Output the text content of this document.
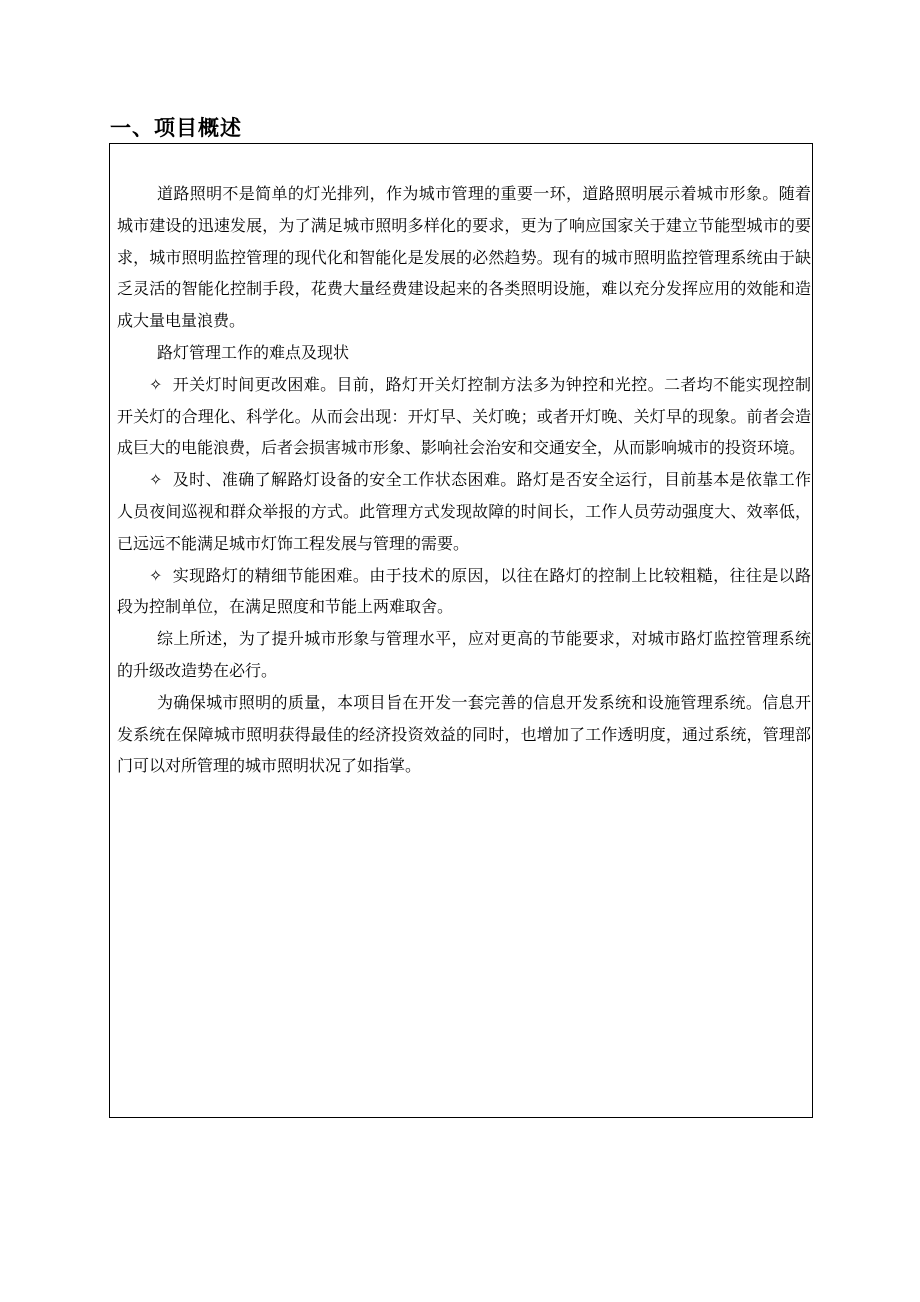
一、项目概述

道路照明不是简单的灯光排列，作为城市管理的重要一环，道路照明展示着城市形象。随着城市建设的迅速发展，为了满足城市照明多样化的要求，更为了响应国家关于建立节能型城市的要求，城市照明监控管理的现代化和智能化是发展的必然趋势。现有的城市照明监控管理系统由于缺乏灵活的智能化控制手段，花费大量经费建设起来的各类照明设施，难以充分发挥应用的效能和造成大量电量浪费。

路灯管理工作的难点及现状

✧ 开关灯时间更改困难。目前，路灯开关灯控制方法多为钟控和光控。二者均不能实现控制开关灯的合理化、科学化。从而会出现：开灯早、关灯晚；或者开灯晚、关灯早的现象。前者会造成巨大的电能浪费，后者会损害城市形象、影响社会治安和交通安全，从而影响城市的投资环境。

✧ 及时、准确了解路灯设备的安全工作状态困难。路灯是否安全运行，目前基本是依靠工作人员夜间巡视和群众举报的方式。此管理方式发现故障的时间长，工作人员劳动强度大、效率低，已远远不能满足城市灯饰工程发展与管理的需要。

✧ 实现路灯的精细节能困难。由于技术的原因，以往在路灯的控制上比较粗糙，往往是以路段为控制单位，在满足照度和节能上两难取舍。

综上所述，为了提升城市形象与管理水平，应对更高的节能要求，对城市路灯监控管理系统的升级改造势在必行。

为确保城市照明的质量，本项目旨在开发一套完善的信息开发系统和设施管理系统。信息开发系统在保障城市照明获得最佳的经济投资效益的同时，也增加了工作透明度，通过系统，管理部门可以对所管理的城市照明状况了如指掌。
